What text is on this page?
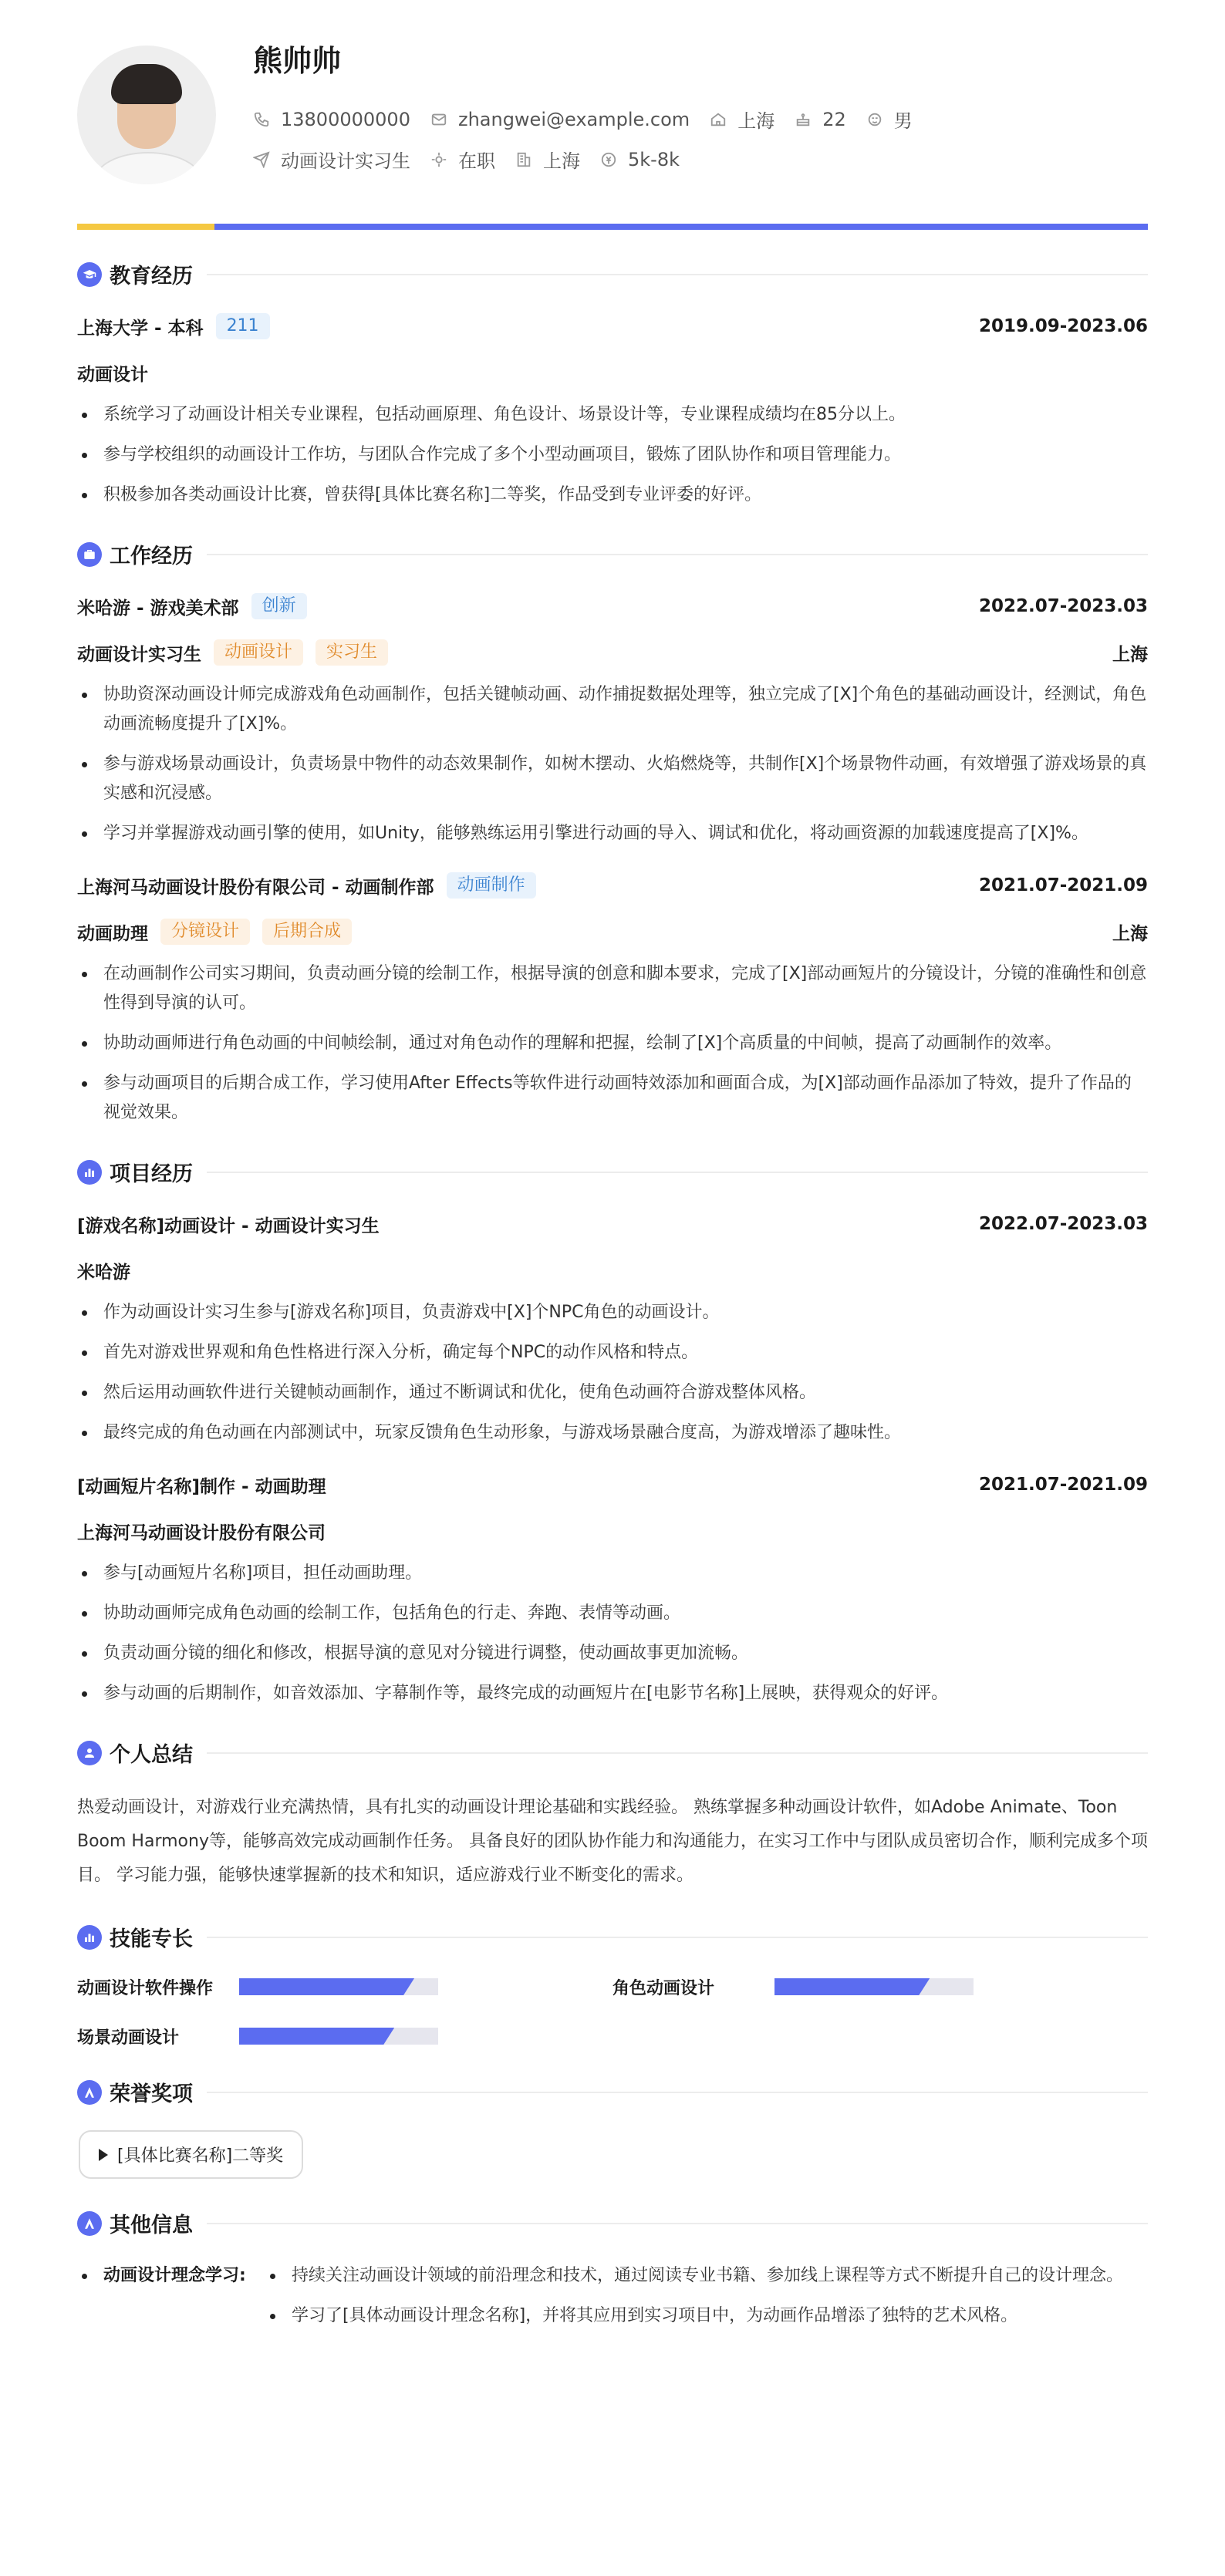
熊帅帅
13800000000	zhangwei@example.com	上海	22	男
动画设计实习生	在职	上海	5k-8k
教育经历
上海大学 - 本科	211	2019.09-2023.06
动画设计
系统学习了动画设计相关专业课程，包括动画原理、角色设计、场景设计等，专业课程成绩均在85分以上。
参与学校组织的动画设计工作坊，与团队合作完成了多个小型动画项目，锻炼了团队协作和项目管理能力。
积极参加各类动画设计比赛，曾获得[具体比赛名称]二等奖，作品受到专业评委的好评。
工作经历
米哈游 - 游戏美术部	创新	2022.07-2023.03
动画设计实习生	动画设计	实习生	上海
协助资深动画设计师完成游戏角色动画制作，包括关键帧动画、动作捕捉数据处理等，独立完成了[X]个角色的基础动画设计，经测试，角色动画流畅度提升了[X]%。
参与游戏场景动画设计，负责场景中物件的动态效果制作，如树木摆动、火焰燃烧等，共制作[X]个场景物件动画，有效增强了游戏场景的真实感和沉浸感。
学习并掌握游戏动画引擎的使用，如Unity，能够熟练运用引擎进行动画的导入、调试和优化，将动画资源的加载速度提高了[X]%。
上海河马动画设计股份有限公司 - 动画制作部	动画制作	2021.07-2021.09
动画助理	分镜设计	后期合成	上海
在动画制作公司实习期间，负责动画分镜的绘制工作，根据导演的创意和脚本要求，完成了[X]部动画短片的分镜设计，分镜的准确性和创意性得到导演的认可。
协助动画师进行角色动画的中间帧绘制，通过对角色动作的理解和把握，绘制了[X]个高质量的中间帧，提高了动画制作的效率。
参与动画项目的后期合成工作，学习使用After Effects等软件进行动画特效添加和画面合成，为[X]部动画作品添加了特效，提升了作品的视觉效果。
项目经历
[游戏名称]动画设计 - 动画设计实习生	2022.07-2023.03
米哈游
作为动画设计实习生参与[游戏名称]项目，负责游戏中[X]个NPC角色的动画设计。
首先对游戏世界观和角色性格进行深入分析，确定每个NPC的动作风格和特点。
然后运用动画软件进行关键帧动画制作，通过不断调试和优化，使角色动画符合游戏整体风格。
最终完成的角色动画在内部测试中，玩家反馈角色生动形象，与游戏场景融合度高，为游戏增添了趣味性。
[动画短片名称]制作 - 动画助理	2021.07-2021.09
上海河马动画设计股份有限公司
参与[动画短片名称]项目，担任动画助理。
协助动画师完成角色动画的绘制工作，包括角色的行走、奔跑、表情等动画。
负责动画分镜的细化和修改，根据导演的意见对分镜进行调整，使动画故事更加流畅。
参与动画的后期制作，如音效添加、字幕制作等，最终完成的动画短片在[电影节名称]上展映，获得观众的好评。
个人总结
热爱动画设计，对游戏行业充满热情，具有扎实的动画设计理论基础和实践经验。 熟练掌握多种动画设计软件，如Adobe Animate、Toon Boom Harmony等，能够高效完成动画制作任务。 具备良好的团队协作能力和沟通能力，在实习工作中与团队成员密切合作，顺利完成多个项目。 学习能力强，能够快速掌握新的技术和知识，适应游戏行业不断变化的需求。
技能专长
动画设计软件操作	角色动画设计
场景动画设计
荣誉奖项
[具体比赛名称]二等奖
其他信息
动画设计理念学习:	持续关注动画设计领域的前沿理念和技术，通过阅读专业书籍、参加线上课程等方式不断提升自己的设计理念。
学习了[具体动画设计理念名称]，并将其应用到实习项目中，为动画作品增添了独特的艺术风格。
